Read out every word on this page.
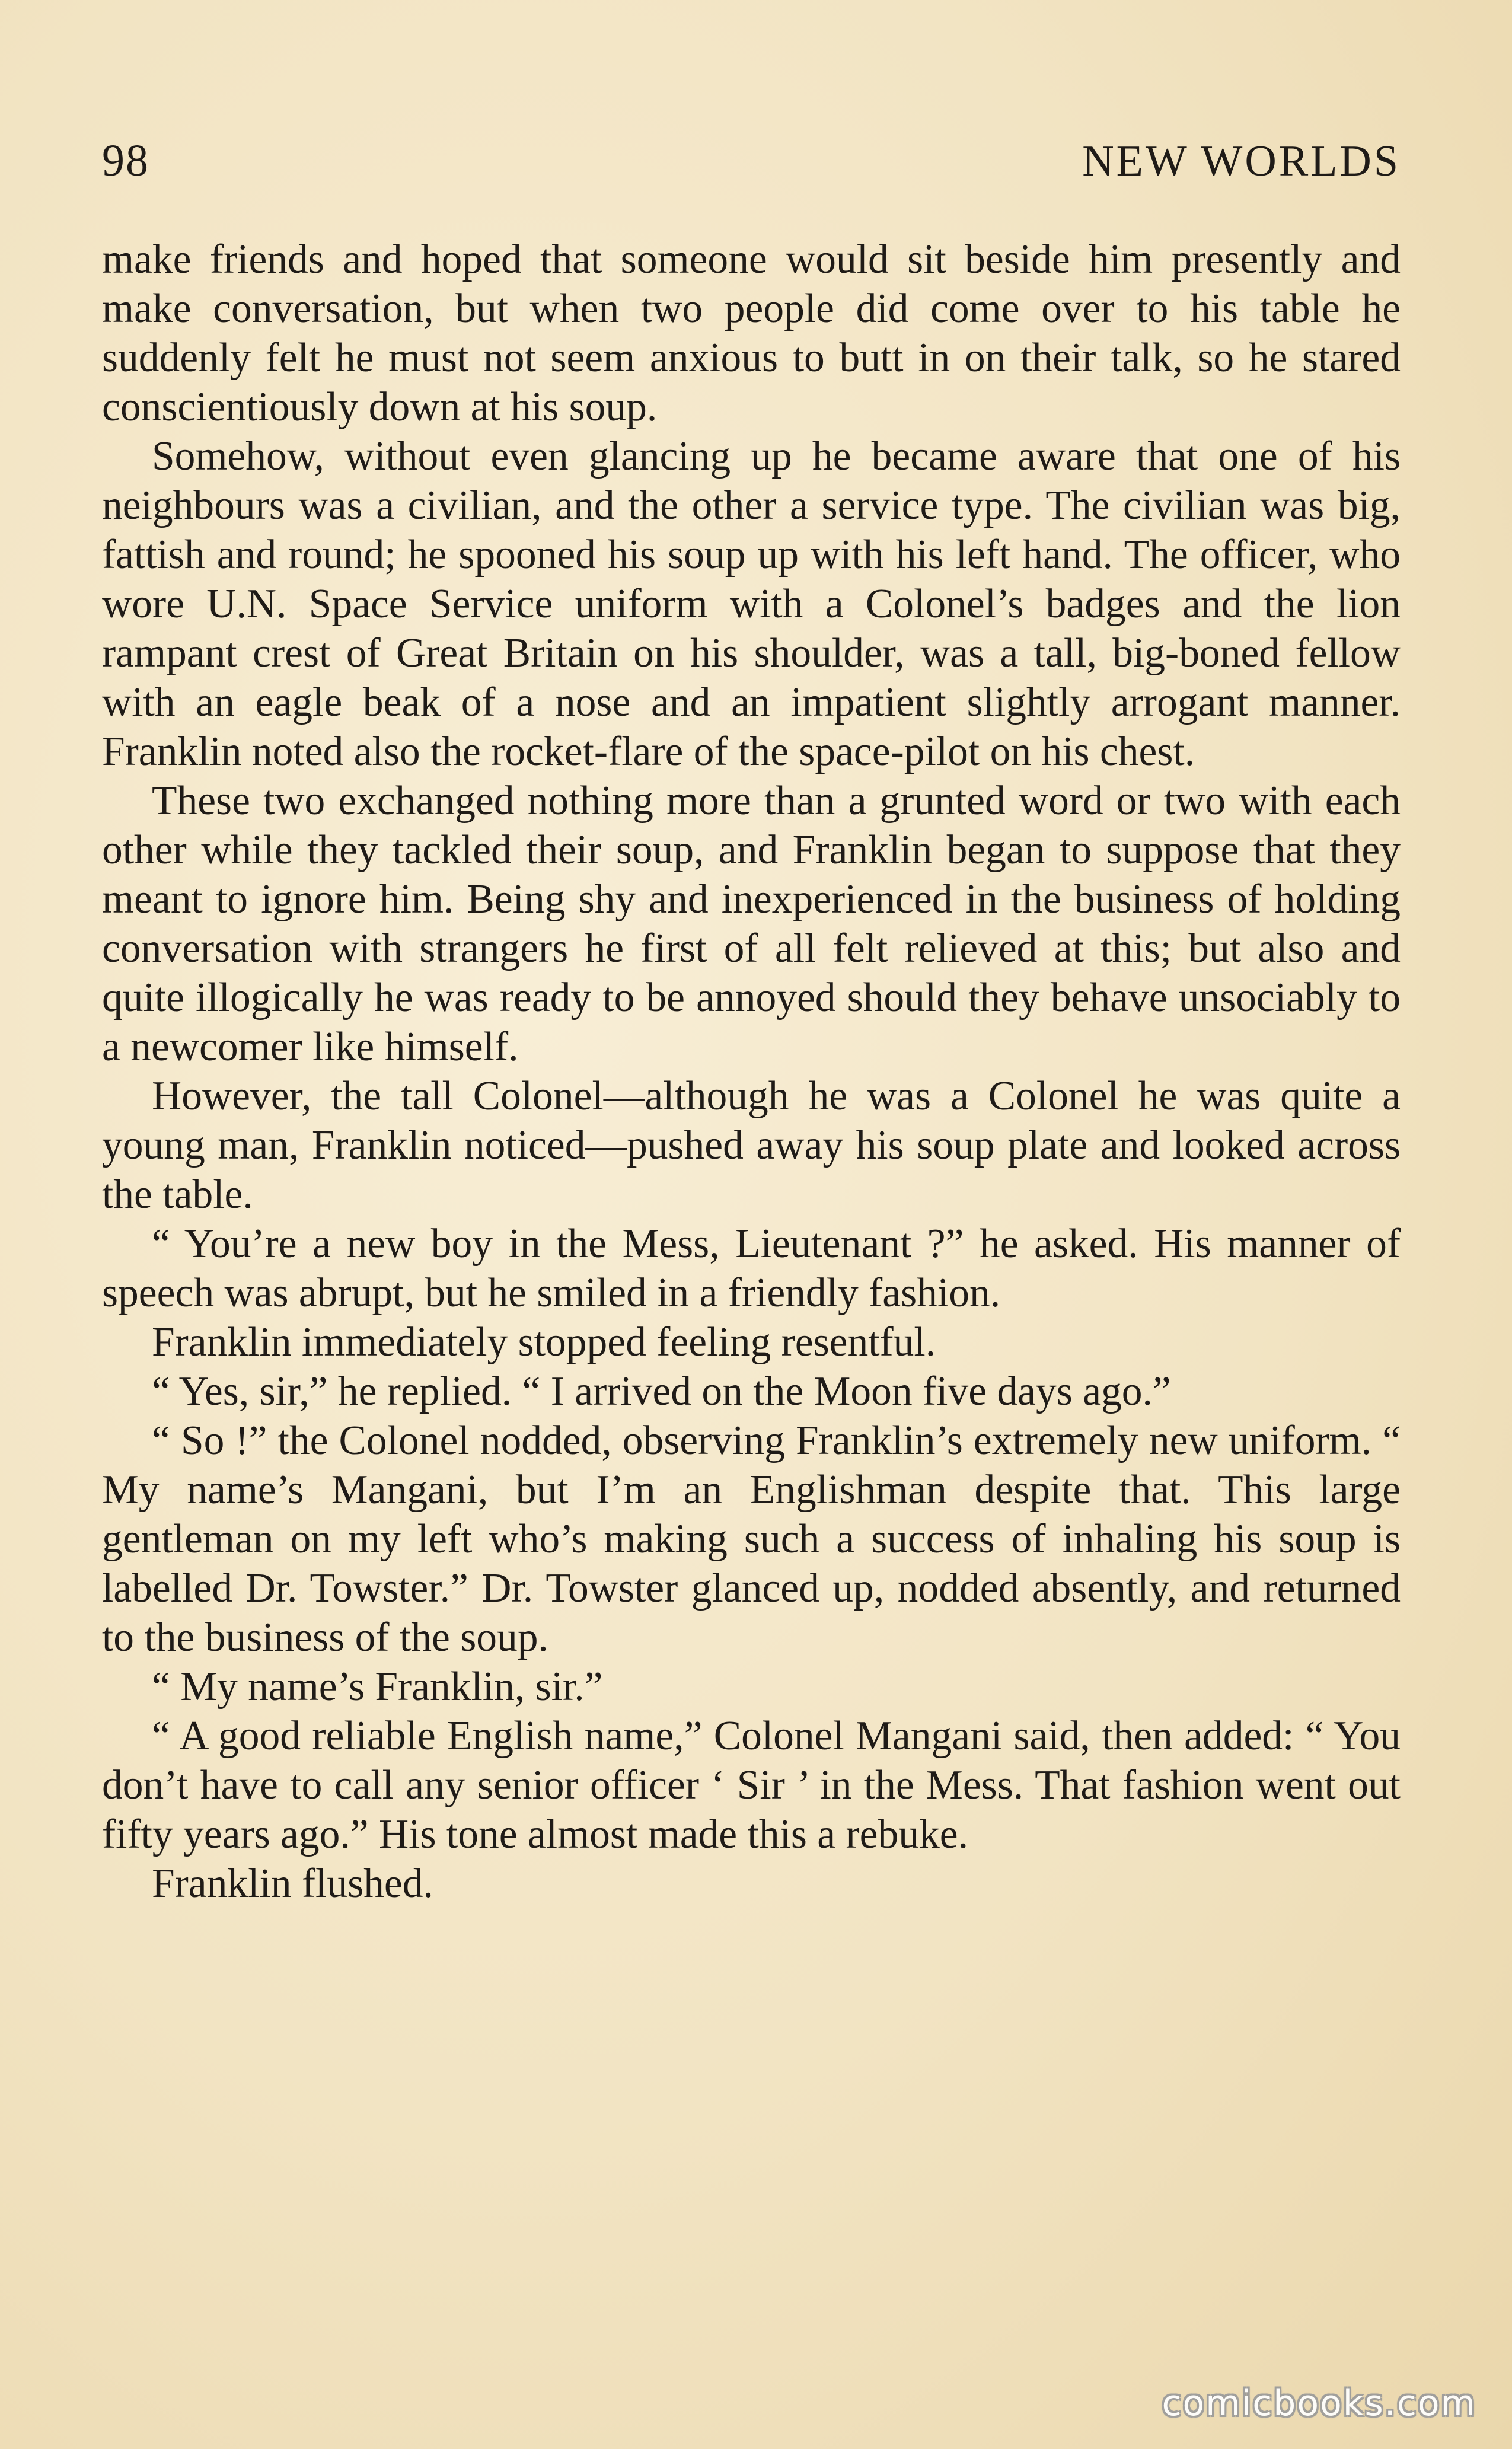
98	NEW WORLDS

make friends and hoped that someone would sit beside him presently and make conversation, but when two people did come over to his table he suddenly felt he must not seem anxious to butt in on their talk, so he stared conscientiously down at his soup.

Somehow, without even glancing up he became aware that one of his neighbours was a civilian, and the other a service type. The civilian was big, fattish and round; he spooned his soup up with his left hand. The officer, who wore U.N. Space Service uniform with a Colonel’s badges and the lion rampant crest of Great Britain on his shoulder, was a tall, big-boned fellow with an eagle beak of a nose and an impatient slightly arrogant manner. Franklin noted also the rocket-flare of the space-pilot on his chest.

These two exchanged nothing more than a grunted word or two with each other while they tackled their soup, and Franklin began to suppose that they meant to ignore him. Being shy and inexperienced in the business of holding conversation with strangers he first of all felt relieved at this; but also and quite illogically he was ready to be annoyed should they behave unsociably to a newcomer like himself.

However, the tall Colonel—although he was a Colonel he was quite a young man, Franklin noticed—pushed away his soup plate and looked across the table.

“ You’re a new boy in the Mess, Lieutenant ?” he asked. His manner of speech was abrupt, but he smiled in a friendly fashion.

Franklin immediately stopped feeling resentful.

“ Yes, sir,” he replied. “ I arrived on the Moon five days ago.”

“ So !” the Colonel nodded, observing Franklin’s extremely new uniform. “ My name’s Mangani, but I’m an Englishman despite that. This large gentleman on my left who’s making such a success of inhaling his soup is labelled Dr. Towster.” Dr. Towster glanced up, nodded absently, and returned to the business of the soup.

“ My name’s Franklin, sir.”

“ A good reliable English name,” Colonel Mangani said, then added: “ You don’t have to call any senior officer ‘ Sir ’ in the Mess. That fashion went out fifty years ago.” His tone almost made this a rebuke.

Franklin flushed.

comicbooks.com
